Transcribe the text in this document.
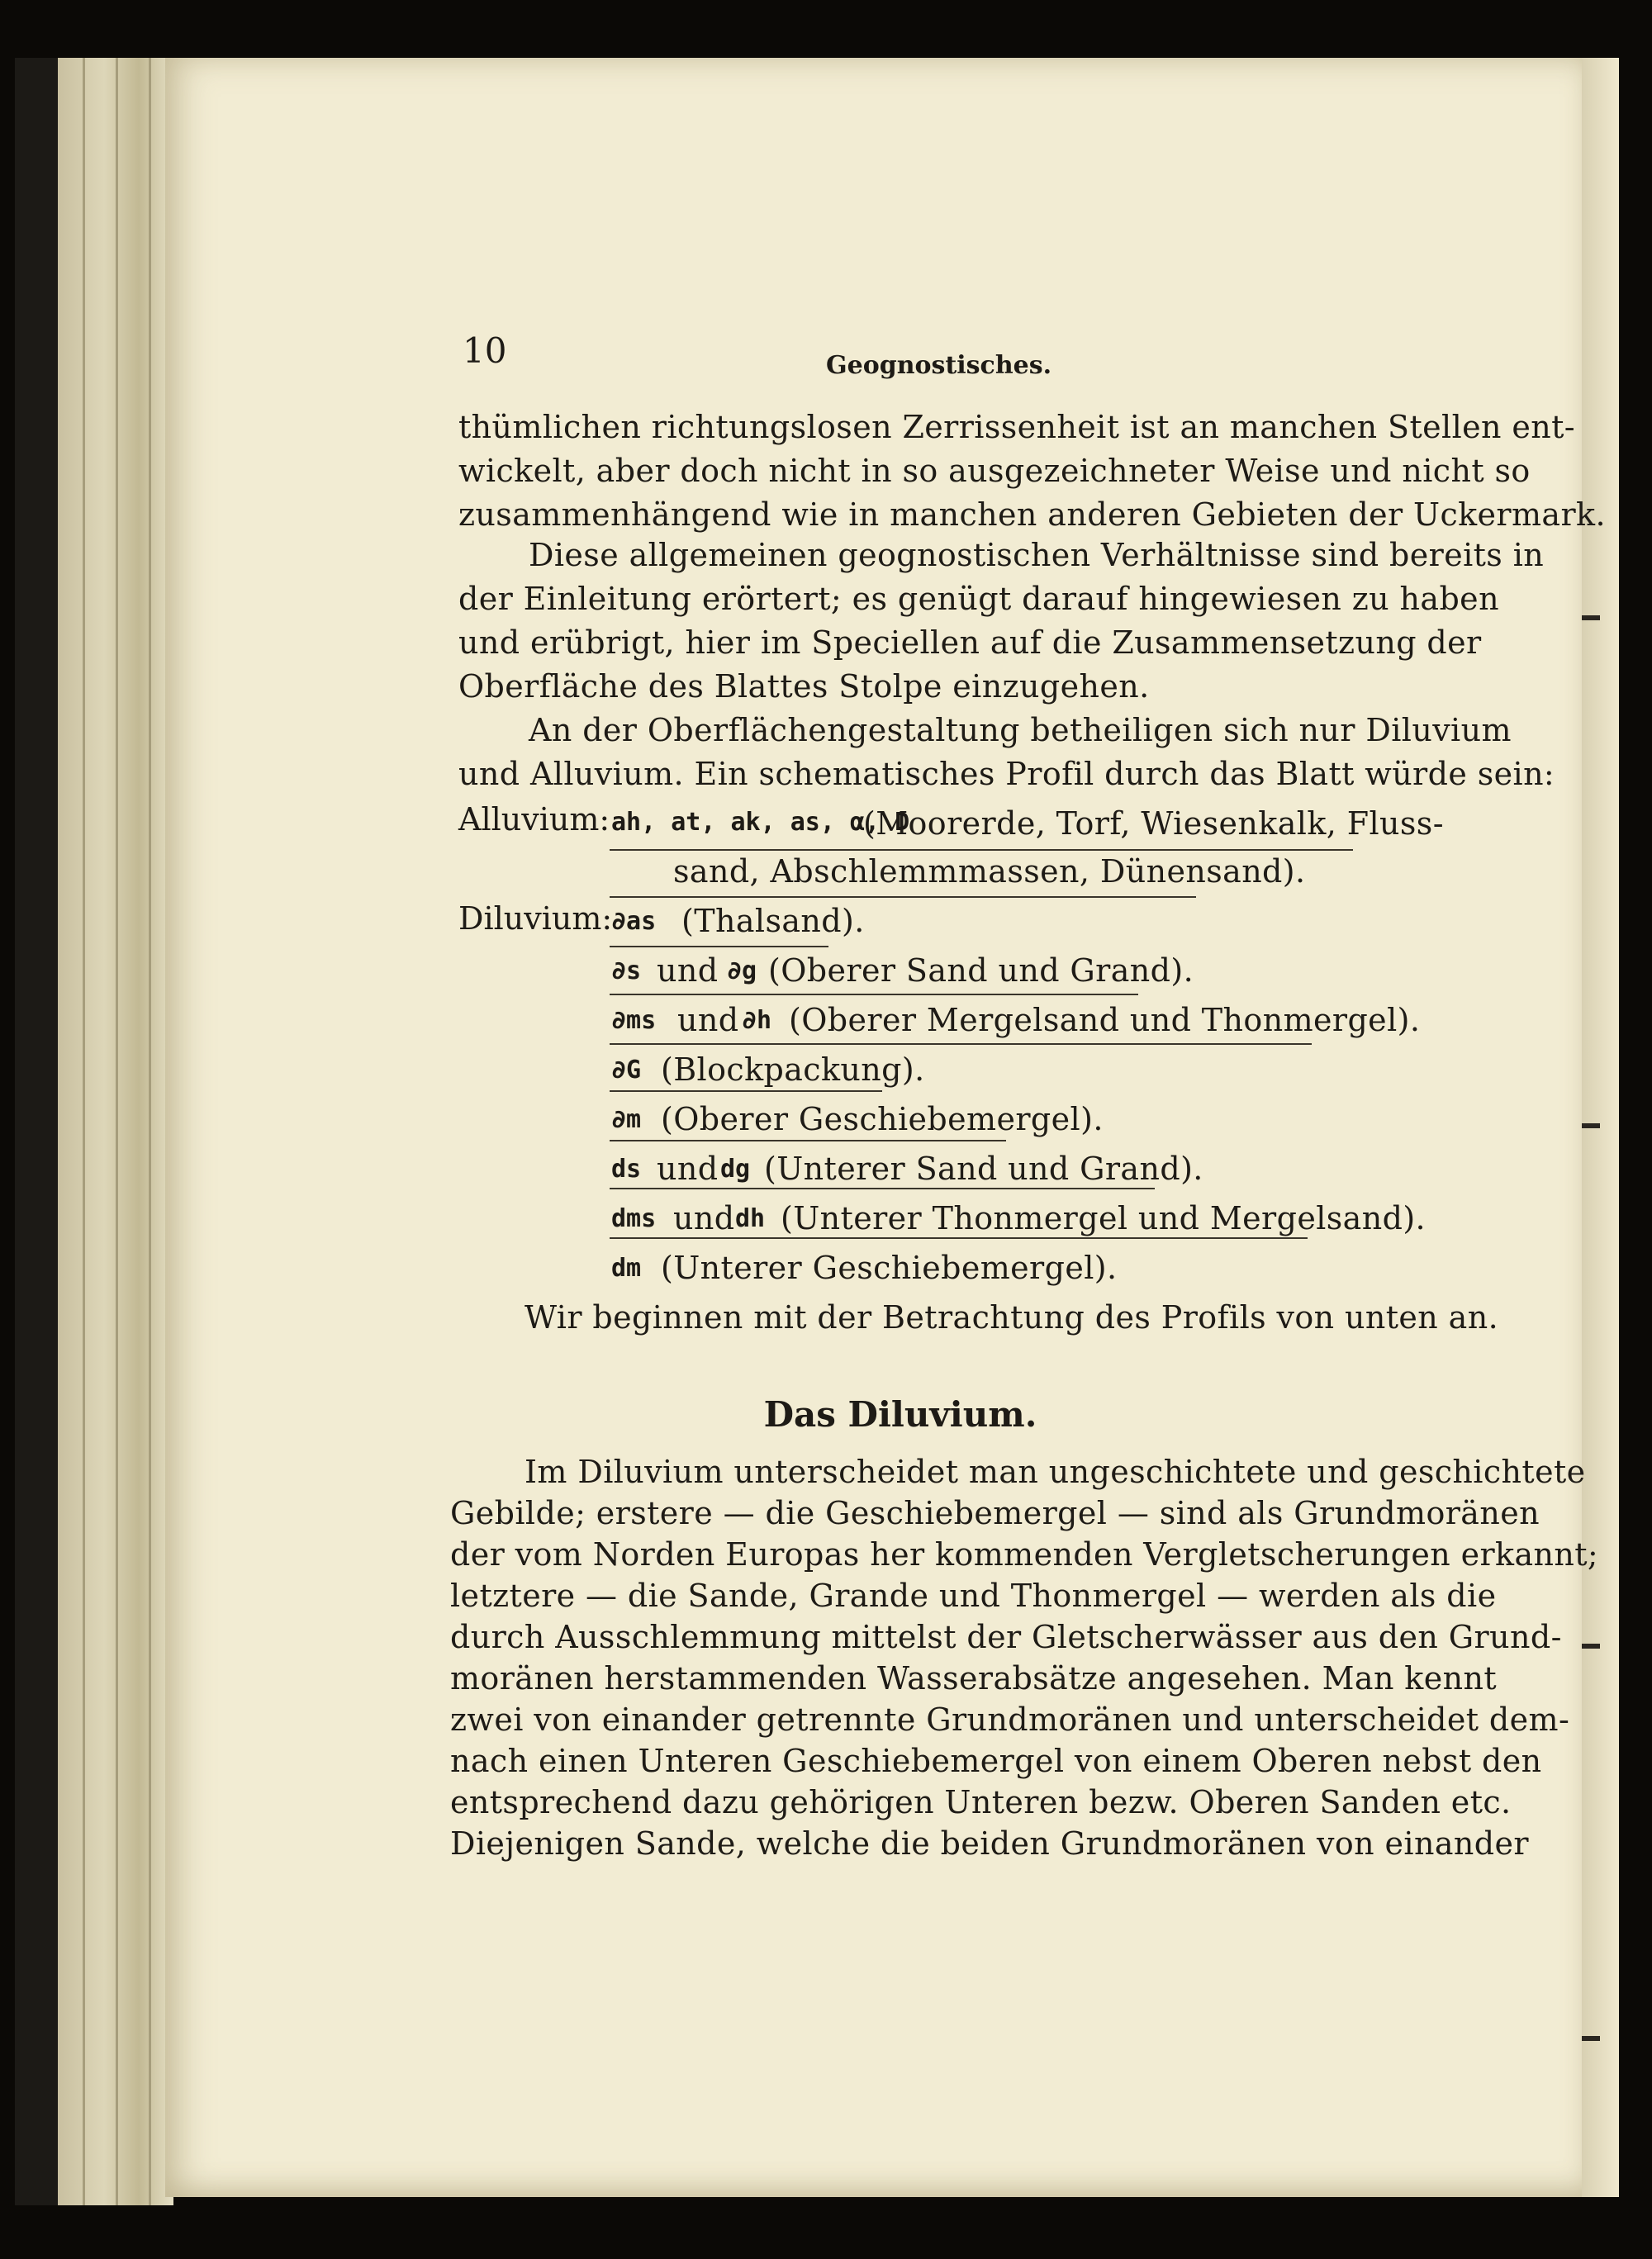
10	Geognostisches.
thümlichen richtungslosen Zerrissenheit ist an manchen Stellen ent-
wickelt, aber doch nicht in so ausgezeichneter Weise und nicht so
zusammenhängend wie in manchen anderen Gebieten der Uckermark.
Diese allgemeinen geognostischen Verhältnisse sind bereits in
der Einleitung erörtert; es genügt darauf hingewiesen zu haben
und erübrigt, hier im Speciellen auf die Zusammensetzung der
Oberfläche des Blattes Stolpe einzugehen.
An der Oberflächengestaltung betheiligen sich nur Diluvium
und Alluvium. Ein schematisches Profil durch das Blatt würde sein:
Alluvium: ah, at, ak, as, α, D
(Moorerde, Torf, Wiesenkalk, Fluss-
sand, Abschlemmmassen, Dünensand).
Diluvium:
∂as (Thalsand).
∂s und ∂g (Oberer Sand und Grand).
∂ms und ∂h (Oberer Mergelsand und Thonmergel).
∂G (Blockpackung).
∂m (Oberer Geschiebemergel).
ds und dg (Unterer Sand und Grand).
dms und dh (Unterer Thonmergel und Mergelsand).
dm (Unterer Geschiebemergel).
Wir beginnen mit der Betrachtung des Profils von unten an.
Das Diluvium.
Im Diluvium unterscheidet man ungeschichtete und geschichtete
Gebilde; erstere — die Geschiebemergel — sind als Grundmoränen
der vom Norden Europas her kommenden Vergletscherungen erkannt;
letztere — die Sande, Grande und Thonmergel — werden als die
durch Ausschlemmung mittelst der Gletscherwässer aus den Grund-
moränen herstammenden Wasserabsätze angesehen. Man kennt
zwei von einander getrennte Grundmoränen und unterscheidet dem-
nach einen Unteren Geschiebemergel von einem Oberen nebst den
entsprechend dazu gehörigen Unteren bezw. Oberen Sanden etc.
Diejenigen Sande, welche die beiden Grundmoränen von einander
